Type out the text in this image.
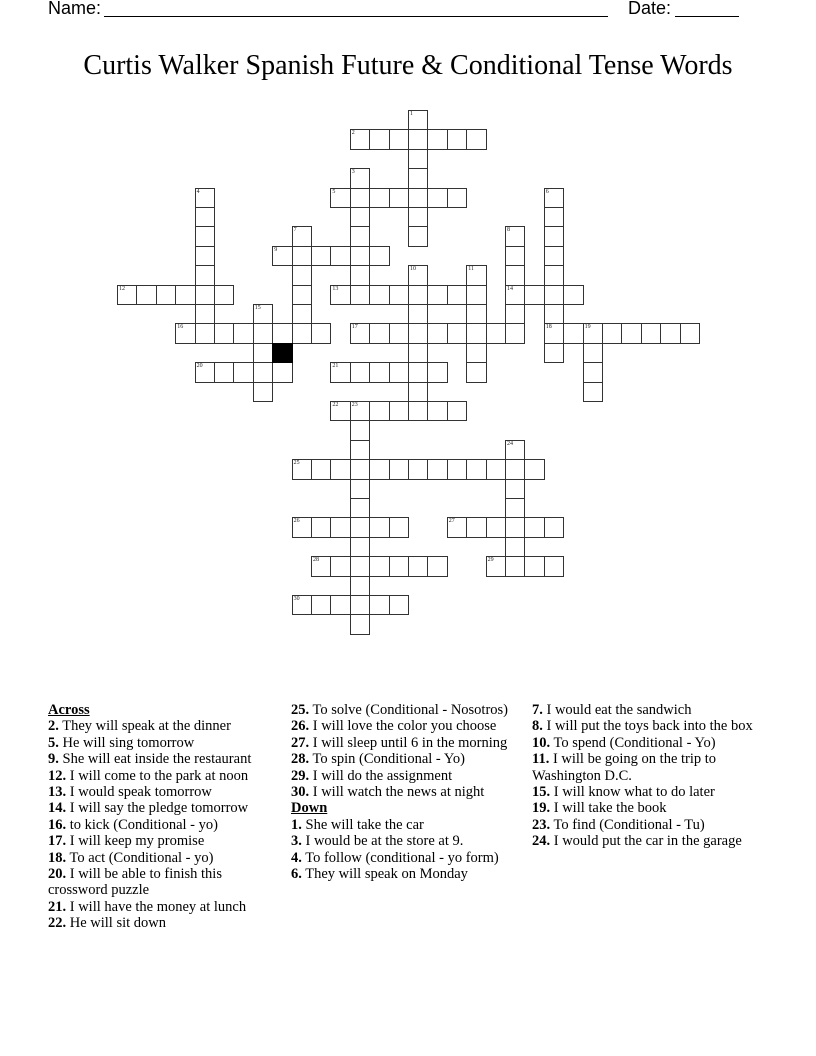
Name:	Date:
Curtis Walker Spanish Future & Conditional Tense Words
1
2
3
4	5	6
18
7	8
14
9
10	11
12	13
15
16	17	19
20	21
22 23
24
25
26	27
28	29
30
Across
2. They will speak at the dinner
5. He will sing tomorrow
9. She will eat inside the restaurant
12. I will come to the park at noon
13. I would speak tomorrow
14. I will say the pledge tomorrow
16. to kick (Conditional - yo)
17. I will keep my promise
18. To act (Conditional - yo)
20. I will be able to finish this crossword puzzle
21. I will have the money at lunch
22. He will sit down
25. To solve (Conditional - Nosotros)
26. I will love the color you choose
27. I will sleep until 6 in the morning
28. To spin (Conditional - Yo)
29. I will do the assignment
30. I will watch the news at night
Down
1. She will take the car
3. I would be at the store at 9.
4. To follow (conditional - yo form)
6. They will speak on Monday
7. I would eat the sandwich
8. I will put the toys back into the box
10. To spend (Conditional - Yo)
11. I will be going on the trip to Washington D.C.
15. I will know what to do later
19. I will take the book
23. To find (Conditional - Tu)
24. I would put the car in the garage
